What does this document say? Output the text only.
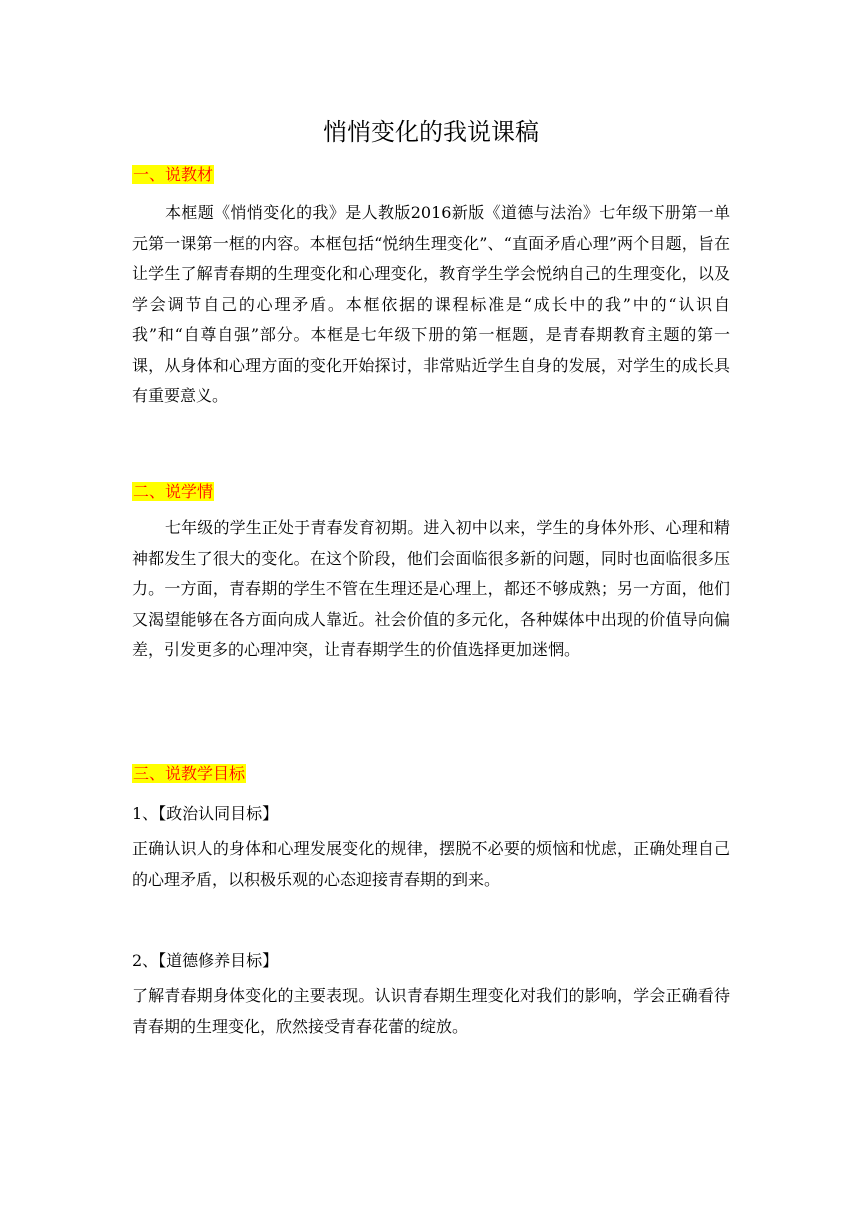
悄悄变化的我说课稿

一、说教材

本框题《悄悄变化的我》是人教版2016新版《道德与法治》七年级下册第一单元第一课第一框的内容。本框包括“悦纳生理变化”、“直面矛盾心理”两个目题，旨在让学生了解青春期的生理变化和心理变化，教育学生学会悦纳自己的生理变化，以及学会调节自己的心理矛盾。本框依据的课程标准是“成长中的我”中的“认识自我”和“自尊自强”部分。本框是七年级下册的第一框题，是青春期教育主题的第一课，从身体和心理方面的变化开始探讨，非常贴近学生自身的发展，对学生的成长具有重要意义。

二、说学情

七年级的学生正处于青春发育初期。进入初中以来，学生的身体外形、心理和精神都发生了很大的变化。在这个阶段，他们会面临很多新的问题，同时也面临很多压力。一方面，青春期的学生不管在生理还是心理上，都还不够成熟；另一方面，他们又渴望能够在各方面向成人靠近。社会价值的多元化，各种媒体中出现的价值导向偏差，引发更多的心理冲突，让青春期学生的价值选择更加迷惘。

三、说教学目标

1、【政治认同目标】

正确认识人的身体和心理发展变化的规律，摆脱不必要的烦恼和忧虑，正确处理自己的心理矛盾，以积极乐观的心态迎接青春期的到来。

2、【道德修养目标】

了解青春期身体变化的主要表现。认识青春期生理变化对我们的影响，学会正确看待青春期的生理变化，欣然接受青春花蕾的绽放。
